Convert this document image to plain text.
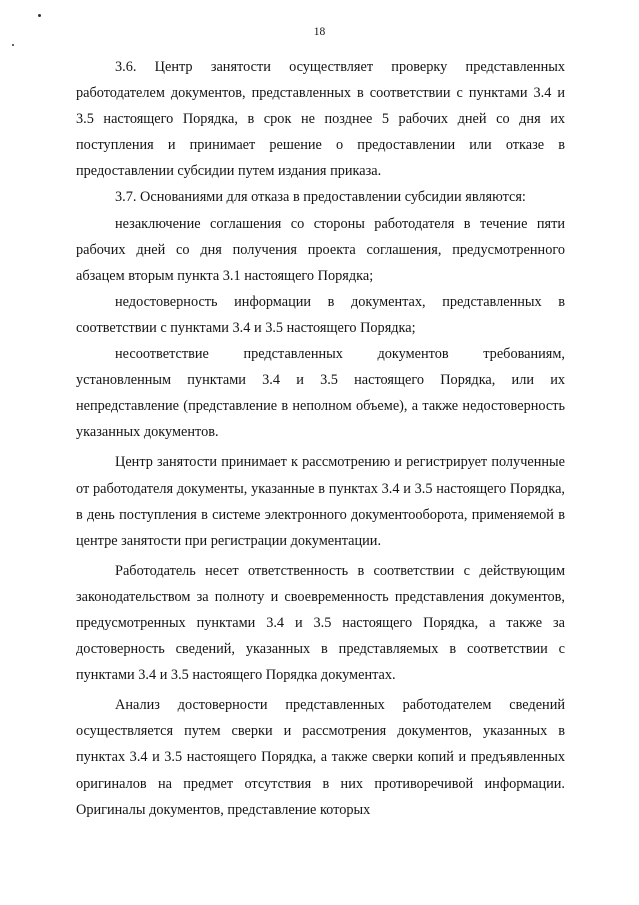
18

3.6. Центр занятости осуществляет проверку представленных работодателем документов, представленных в соответствии с пунктами 3.4 и 3.5 настоящего Порядка, в срок не позднее 5 рабочих дней со дня их поступления и принимает решение о предоставлении или отказе в предоставлении субсидии путем издания приказа.

3.7. Основаниями для отказа в предоставлении субсидии являются:

незаключение соглашения со стороны работодателя в течение пяти рабочих дней со дня получения проекта соглашения, предусмотренного абзацем вторым пункта 3.1 настоящего Порядка;

недостоверность информации в документах, представленных в соответствии с пунктами 3.4 и 3.5 настоящего Порядка;

несоответствие представленных документов требованиям, установленным пунктами 3.4 и 3.5 настоящего Порядка, или их непредставление (представление в неполном объеме), а также недостоверность указанных документов.

Центр занятости принимает к рассмотрению и регистрирует полученные от работодателя документы, указанные в пунктах 3.4 и 3.5 настоящего Порядка, в день поступления в системе электронного документооборота, применяемой в центре занятости при регистрации документации.

Работодатель несет ответственность в соответствии с действующим законодательством за полноту и своевременность представления документов, предусмотренных пунктами 3.4 и 3.5 настоящего Порядка, а также за достоверность сведений, указанных в представляемых в соответствии с пунктами 3.4 и 3.5 настоящего Порядка документах.

Анализ достоверности представленных работодателем сведений осуществляется путем сверки и рассмотрения документов, указанных в пунктах 3.4 и 3.5 настоящего Порядка, а также сверки копий и предъявленных оригиналов на предмет отсутствия в них противоречивой информации. Оригиналы документов, представление которых
